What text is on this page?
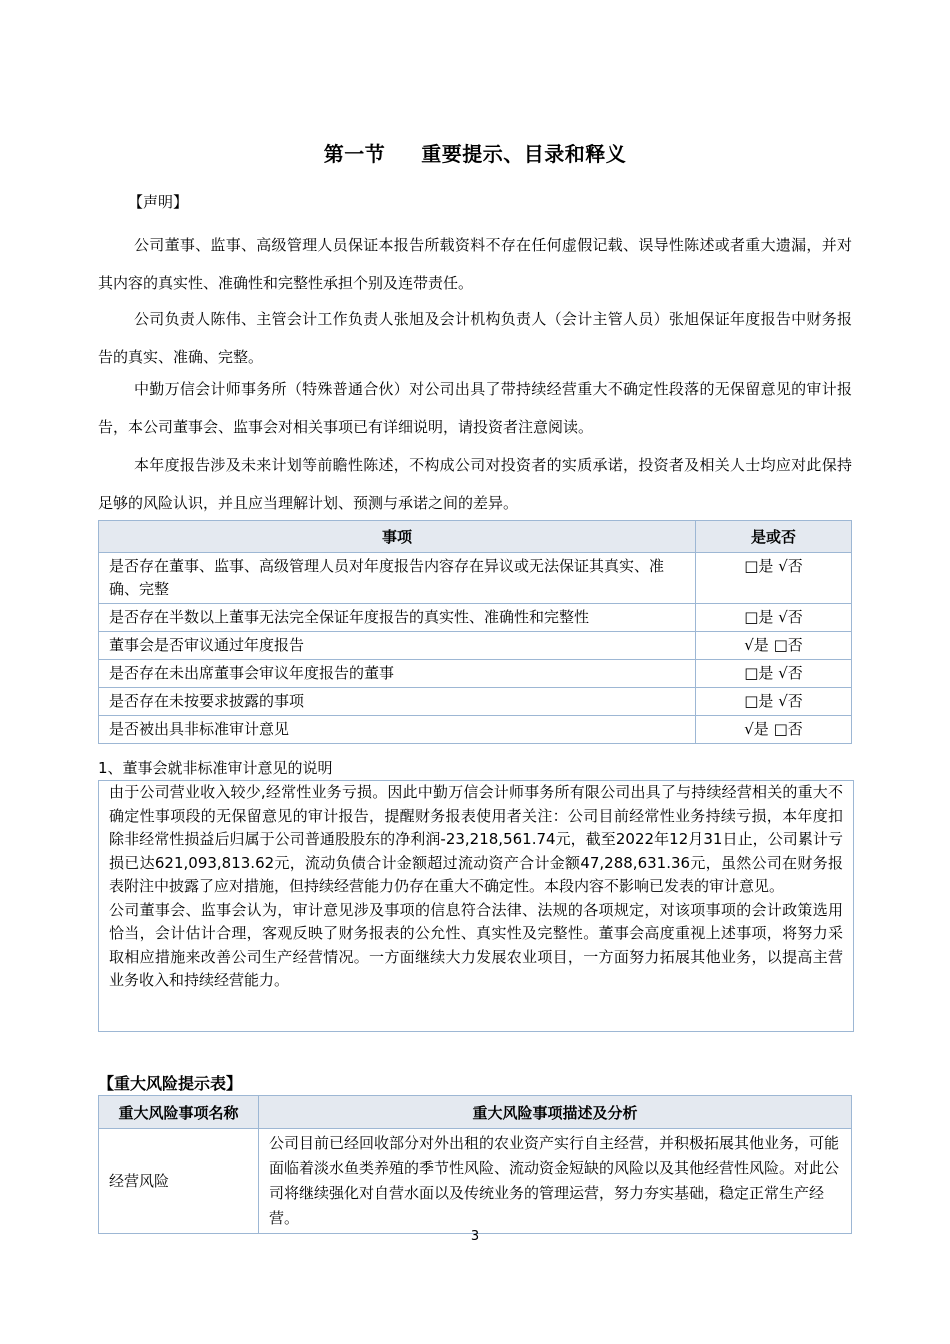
第一节 重要提示、目录和释义
【声明】
公司董事、监事、高级管理人员保证本报告所载资料不存在任何虚假记载、误导性陈述或者重大遗漏，并对其内容的真实性、准确性和完整性承担个别及连带责任。
公司负责人陈伟、主管会计工作负责人张旭及会计机构负责人（会计主管人员）张旭保证年度报告中财务报告的真实、准确、完整。
中勤万信会计师事务所（特殊普通合伙）对公司出具了带持续经营重大不确定性段落的无保留意见的审计报告，本公司董事会、监事会对相关事项已有详细说明，请投资者注意阅读。
本年度报告涉及未来计划等前瞻性陈述，不构成公司对投资者的实质承诺，投资者及相关人士均应对此保持足够的风险认识，并且应当理解计划、预测与承诺之间的差异。
事项	是或否
是否存在董事、监事、高级管理人员对年度报告内容存在异议或无法保证其真实、准确、完整	□是 √否
是否存在半数以上董事无法完全保证年度报告的真实性、准确性和完整性	□是 √否
董事会是否审议通过年度报告	√是 □否
是否存在未出席董事会审议年度报告的董事	□是 √否
是否存在未按要求披露的事项	□是 √否
是否被出具非标准审计意见	√是 □否
1、董事会就非标准审计意见的说明

由于公司营业收入较少,经常性业务亏损。因此中勤万信会计师事务所有限公司出具了与持续经营相关的重大不确定性事项段的无保留意见的审计报告，提醒财务报表使用者关注：公司目前经常性业务持续亏损，本年度扣除非经常性损益后归属于公司普通股股东的净利润-23,218,561.74元，截至2022年12月31日止，公司累计亏损已达621,093,813.62元，流动负债合计金额超过流动资产合计金额47,288,631.36元，虽然公司在财务报表附注中披露了应对措施，但持续经营能力仍存在重大不确定性。本段内容不影响已发表的审计意见。

公司董事会、监事会认为，审计意见涉及事项的信息符合法律、法规的各项规定，对该项事项的会计政策选用恰当，会计估计合理，客观反映了财务报表的公允性、真实性及完整性。董事会高度重视上述事项，将努力采取相应措施来改善公司生产经营情况。一方面继续大力发展农业项目，一方面努力拓展其他业务，以提高主营业务收入和持续经营能力。

【重大风险提示表】
重大风险事项名称	重大风险事项描述及分析
经营风险	公司目前已经回收部分对外出租的农业资产实行自主经营，并积极拓展其他业务，可能面临着淡水鱼类养殖的季节性风险、流动资金短缺的风险以及其他经营性风险。对此公司将继续强化对自营水面以及传统业务的管理运营，努力夯实基础，稳定正常生产经营。
3
